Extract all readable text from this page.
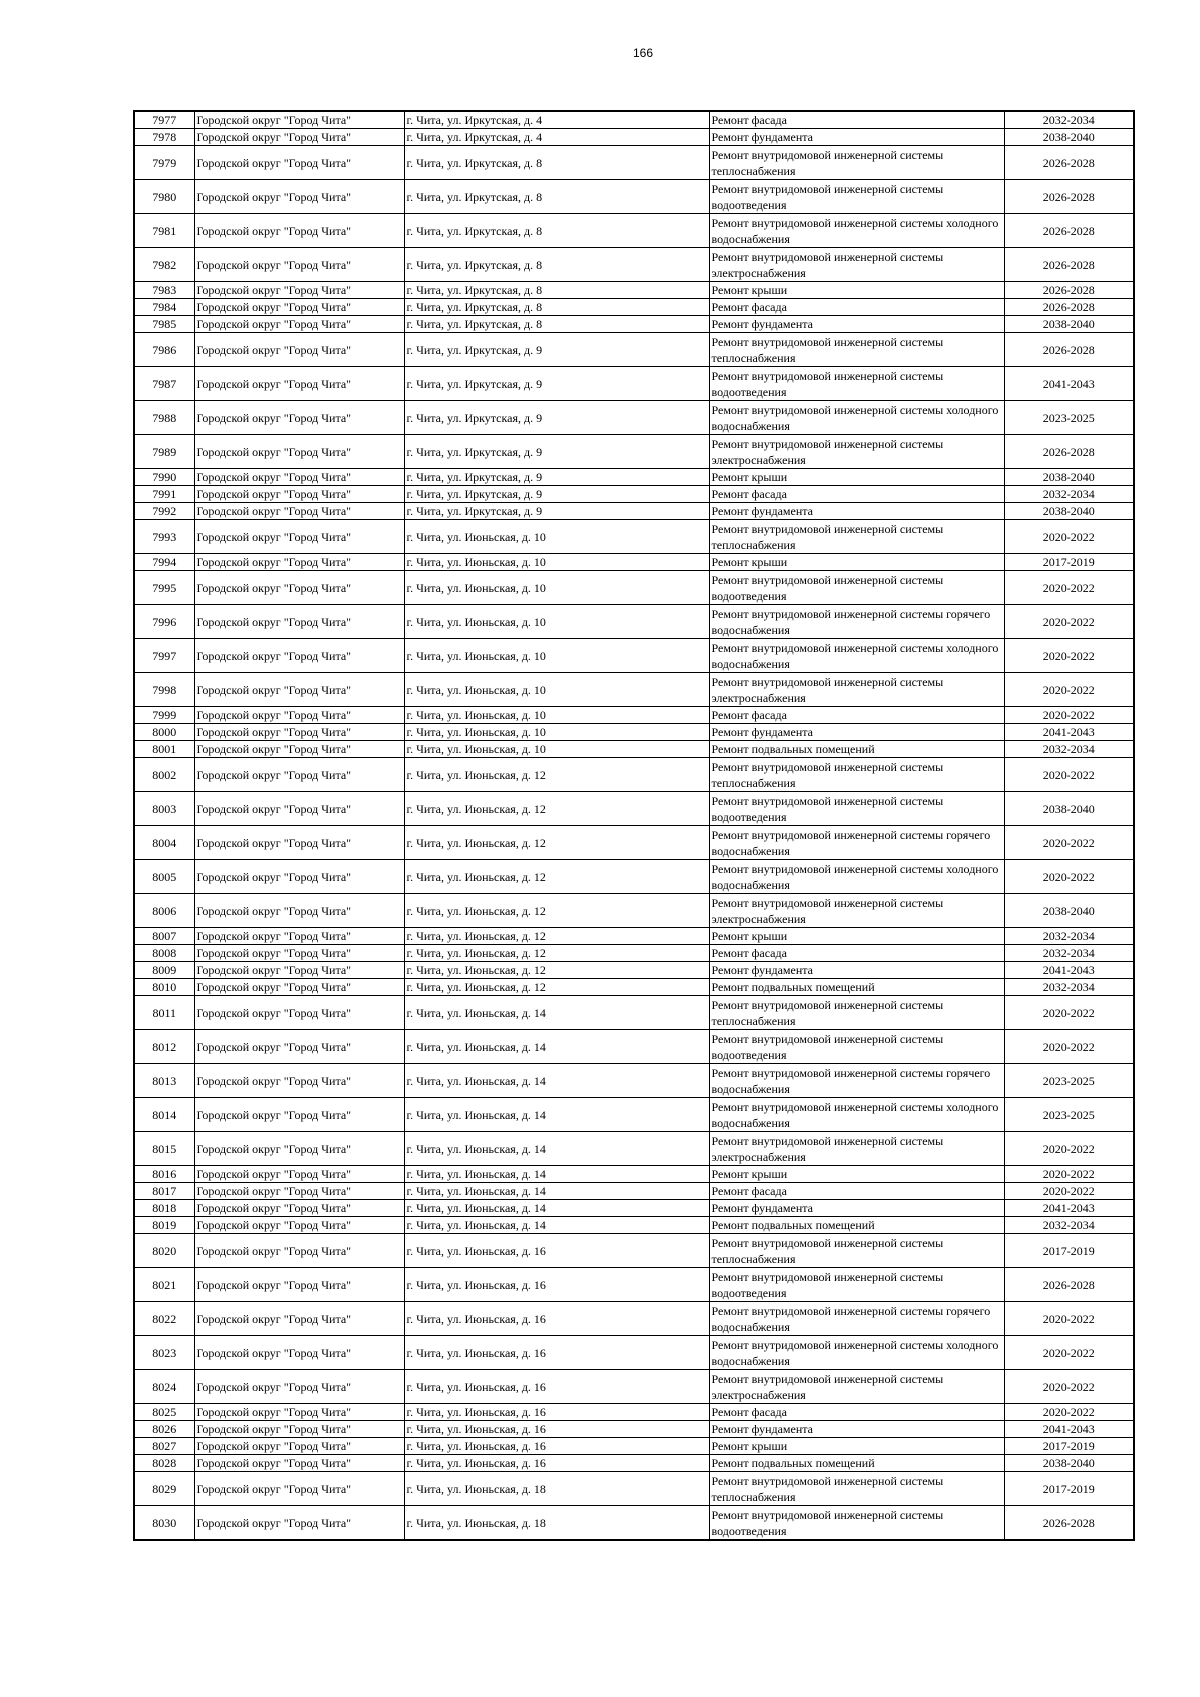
166
7977	Городской округ "Город Чита"	г. Чита, ул. Иркутская, д. 4	Ремонт фасада	2032-2034
7978	Городской округ "Город Чита"	г. Чита, ул. Иркутская, д. 4	Ремонт фундамента	2038-2040
7979	Городской округ "Город Чита"	г. Чита, ул. Иркутская, д. 8	Ремонт внутридомовой инженерной системы теплоснабжения	2026-2028
7980	Городской округ "Город Чита"	г. Чита, ул. Иркутская, д. 8	Ремонт внутридомовой инженерной системы водоотведения	2026-2028
7981	Городской округ "Город Чита"	г. Чита, ул. Иркутская, д. 8	Ремонт внутридомовой инженерной системы холодного водоснабжения	2026-2028
7982	Городской округ "Город Чита"	г. Чита, ул. Иркутская, д. 8	Ремонт внутридомовой инженерной системы электроснабжения	2026-2028
7983	Городской округ "Город Чита"	г. Чита, ул. Иркутская, д. 8	Ремонт крыши	2026-2028
7984	Городской округ "Город Чита"	г. Чита, ул. Иркутская, д. 8	Ремонт фасада	2026-2028
7985	Городской округ "Город Чита"	г. Чита, ул. Иркутская, д. 8	Ремонт фундамента	2038-2040
7986	Городской округ "Город Чита"	г. Чита, ул. Иркутская, д. 9	Ремонт внутридомовой инженерной системы теплоснабжения	2026-2028
7987	Городской округ "Город Чита"	г. Чита, ул. Иркутская, д. 9	Ремонт внутридомовой инженерной системы водоотведения	2041-2043
7988	Городской округ "Город Чита"	г. Чита, ул. Иркутская, д. 9	Ремонт внутридомовой инженерной системы холодного водоснабжения	2023-2025
7989	Городской округ "Город Чита"	г. Чита, ул. Иркутская, д. 9	Ремонт внутридомовой инженерной системы электроснабжения	2026-2028
7990	Городской округ "Город Чита"	г. Чита, ул. Иркутская, д. 9	Ремонт крыши	2038-2040
7991	Городской округ "Город Чита"	г. Чита, ул. Иркутская, д. 9	Ремонт фасада	2032-2034
7992	Городской округ "Город Чита"	г. Чита, ул. Иркутская, д. 9	Ремонт фундамента	2038-2040
7993	Городской округ "Город Чита"	г. Чита, ул. Июньская, д. 10	Ремонт внутридомовой инженерной системы теплоснабжения	2020-2022
7994	Городской округ "Город Чита"	г. Чита, ул. Июньская, д. 10	Ремонт крыши	2017-2019
7995	Городской округ "Город Чита"	г. Чита, ул. Июньская, д. 10	Ремонт внутридомовой инженерной системы водоотведения	2020-2022
7996	Городской округ "Город Чита"	г. Чита, ул. Июньская, д. 10	Ремонт внутридомовой инженерной системы горячего водоснабжения	2020-2022
7997	Городской округ "Город Чита"	г. Чита, ул. Июньская, д. 10	Ремонт внутридомовой инженерной системы холодного водоснабжения	2020-2022
7998	Городской округ "Город Чита"	г. Чита, ул. Июньская, д. 10	Ремонт внутридомовой инженерной системы электроснабжения	2020-2022
7999	Городской округ "Город Чита"	г. Чита, ул. Июньская, д. 10	Ремонт фасада	2020-2022
8000	Городской округ "Город Чита"	г. Чита, ул. Июньская, д. 10	Ремонт фундамента	2041-2043
8001	Городской округ "Город Чита"	г. Чита, ул. Июньская, д. 10	Ремонт подвальных помещений	2032-2034
8002	Городской округ "Город Чита"	г. Чита, ул. Июньская, д. 12	Ремонт внутридомовой инженерной системы теплоснабжения	2020-2022
8003	Городской округ "Город Чита"	г. Чита, ул. Июньская, д. 12	Ремонт внутридомовой инженерной системы водоотведения	2038-2040
8004	Городской округ "Город Чита"	г. Чита, ул. Июньская, д. 12	Ремонт внутридомовой инженерной системы горячего водоснабжения	2020-2022
8005	Городской округ "Город Чита"	г. Чита, ул. Июньская, д. 12	Ремонт внутридомовой инженерной системы холодного водоснабжения	2020-2022
8006	Городской округ "Город Чита"	г. Чита, ул. Июньская, д. 12	Ремонт внутридомовой инженерной системы электроснабжения	2038-2040
8007	Городской округ "Город Чита"	г. Чита, ул. Июньская, д. 12	Ремонт крыши	2032-2034
8008	Городской округ "Город Чита"	г. Чита, ул. Июньская, д. 12	Ремонт фасада	2032-2034
8009	Городской округ "Город Чита"	г. Чита, ул. Июньская, д. 12	Ремонт фундамента	2041-2043
8010	Городской округ "Город Чита"	г. Чита, ул. Июньская, д. 12	Ремонт подвальных помещений	2032-2034
8011	Городской округ "Город Чита"	г. Чита, ул. Июньская, д. 14	Ремонт внутридомовой инженерной системы теплоснабжения	2020-2022
8012	Городской округ "Город Чита"	г. Чита, ул. Июньская, д. 14	Ремонт внутридомовой инженерной системы водоотведения	2020-2022
8013	Городской округ "Город Чита"	г. Чита, ул. Июньская, д. 14	Ремонт внутридомовой инженерной системы горячего водоснабжения	2023-2025
8014	Городской округ "Город Чита"	г. Чита, ул. Июньская, д. 14	Ремонт внутридомовой инженерной системы холодного водоснабжения	2023-2025
8015	Городской округ "Город Чита"	г. Чита, ул. Июньская, д. 14	Ремонт внутридомовой инженерной системы электроснабжения	2020-2022
8016	Городской округ "Город Чита"	г. Чита, ул. Июньская, д. 14	Ремонт крыши	2020-2022
8017	Городской округ "Город Чита"	г. Чита, ул. Июньская, д. 14	Ремонт фасада	2020-2022
8018	Городской округ "Город Чита"	г. Чита, ул. Июньская, д. 14	Ремонт фундамента	2041-2043
8019	Городской округ "Город Чита"	г. Чита, ул. Июньская, д. 14	Ремонт подвальных помещений	2032-2034
8020	Городской округ "Город Чита"	г. Чита, ул. Июньская, д. 16	Ремонт внутридомовой инженерной системы теплоснабжения	2017-2019
8021	Городской округ "Город Чита"	г. Чита, ул. Июньская, д. 16	Ремонт внутридомовой инженерной системы водоотведения	2026-2028
8022	Городской округ "Город Чита"	г. Чита, ул. Июньская, д. 16	Ремонт внутридомовой инженерной системы горячего водоснабжения	2020-2022
8023	Городской округ "Город Чита"	г. Чита, ул. Июньская, д. 16	Ремонт внутридомовой инженерной системы холодного водоснабжения	2020-2022
8024	Городской округ "Город Чита"	г. Чита, ул. Июньская, д. 16	Ремонт внутридомовой инженерной системы электроснабжения	2020-2022
8025	Городской округ "Город Чита"	г. Чита, ул. Июньская, д. 16	Ремонт фасада	2020-2022
8026	Городской округ "Город Чита"	г. Чита, ул. Июньская, д. 16	Ремонт фундамента	2041-2043
8027	Городской округ "Город Чита"	г. Чита, ул. Июньская, д. 16	Ремонт крыши	2017-2019
8028	Городской округ "Город Чита"	г. Чита, ул. Июньская, д. 16	Ремонт подвальных помещений	2038-2040
8029	Городской округ "Город Чита"	г. Чита, ул. Июньская, д. 18	Ремонт внутридомовой инженерной системы теплоснабжения	2017-2019
8030	Городской округ "Город Чита"	г. Чита, ул. Июньская, д. 18	Ремонт внутридомовой инженерной системы водоотведения	2026-2028
